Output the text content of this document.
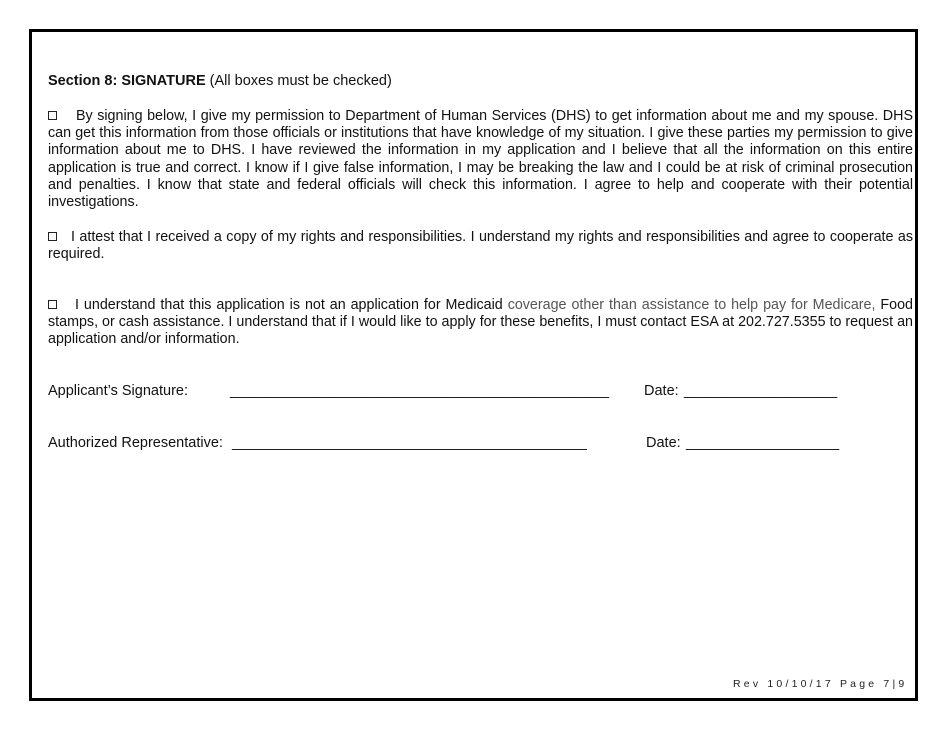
Section 8: SIGNATURE (All boxes must be checked)
By signing below, I give my permission to Department of Human Services (DHS) to get information about me and my spouse. DHS can get this information from those officials or institutions that have knowledge of my situation. I give these parties my permission to give information about me to DHS. I have reviewed the information in my application and I believe that all the information on this entire application is true and correct. I know if I give false information, I may be breaking the law and I could be at risk of criminal prosecution and penalties. I know that state and federal officials will check this information. I agree to help and cooperate with their potential investigations.
I attest that I received a copy of my rights and responsibilities. I understand my rights and responsibilities and agree to cooperate as required.
I understand that this application is not an application for Medicaid coverage other than assistance to help pay for Medicare, Food stamps, or cash assistance. I understand that if I would like to apply for these benefits, I must contact ESA at 202.727.5355 to request an application and/or information.
Applicant’s Signature:	_______________________________________________ Date: ___________________
Authorized Representative: ____________________________________________	Date: ___________________
Rev 10/10/17 Page 7|9
